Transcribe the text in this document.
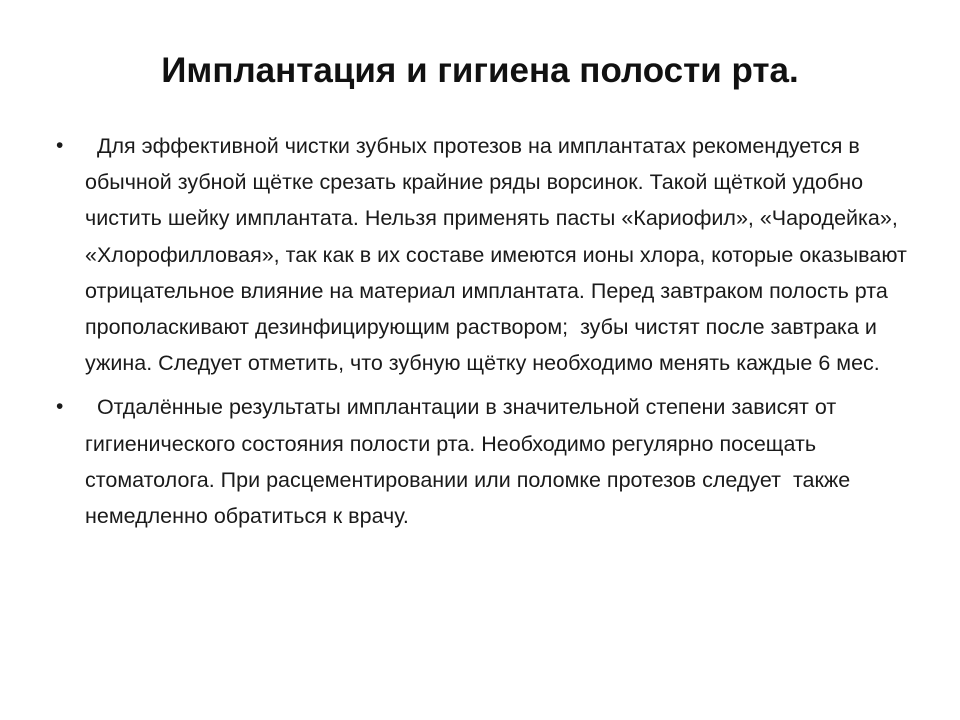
Имплантация и гигиена полости рта.
•	Для эффективной чистки зубных протезов на имплантатах рекомендуется в обычной зубной щётке срезать крайние ряды ворсинок. Такой щёткой удобно чистить шейку имплантата. Нельзя применять пасты «Кариофил», «Чародейка», «Хлорофилловая», так как в их составе имеются ионы хлора, которые оказывают отрицательное влияние на материал имплантата. Перед завтраком полость рта прополаскивают дезинфицирующим раствором;  зубы чистят после завтрака и ужина. Следует отметить, что зубную щётку необходимо менять каждые 6 мес.
•	Отдалённые результаты имплантации в значительной степени зависят от гигиенического состояния полости рта. Необходимо регулярно посещать стоматолога. При расцементировании или поломке протезов следует  также немедленно обратиться к врачу.
